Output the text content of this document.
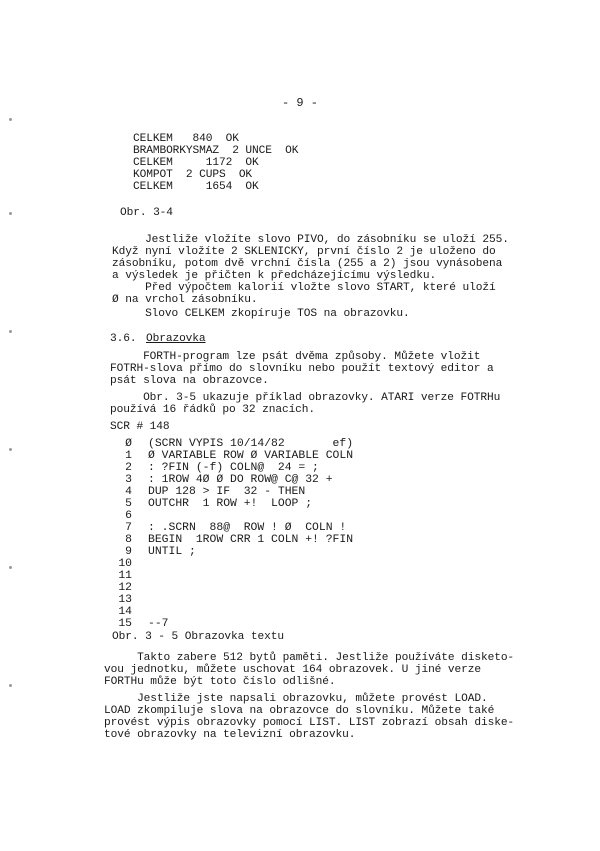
- 9 -
CELKEM   840  OK
BRAMBORKYSMAZ  2 UNCE  OK
CELKEM     1172  OK
KOMPOT  2 CUPS  OK
CELKEM     1654  OK
Obr. 3-4
Jestliže vložíte slovo PIVO, do zásobníku se uloží 255.
Když nyní vložíte 2 SKLENICKY, první číslo 2 je uloženo do
zásobníku, potom dvě vrchní čísla (255 a 2) jsou vynásobena
a výsledek je přičten k předcházejícímu výsledku.
Před výpočtem kalorií vložte slovo START, které uloží
Ø na vrchol zásobníku.
Slovo CELKEM zkopíruje TOS na obrazovku.
3.6. Obrazovka
FORTH-program lze psát dvěma způsoby. Můžete vložit
FOTRH-slova přímo do slovníku nebo použít textový editor a
psát slova na obrazovce.
Obr. 3-5 ukazuje příklad obrazovky. ATARI verze FOTRHu
používá 16 řádků po 32 znacích.
SCR # 148
Ø (SCRN VYPIS 10/14/82       ef)
1 Ø VARIABLE ROW Ø VARIABLE COLN
2 : ?FIN (-f) COLN@  24 = ;
3 : 1ROW 4Ø Ø DO ROW@ C@ 32 +
4 DUP 128 > IF  32 - THEN
5 OUTCHR  1 ROW +!  LOOP ;
6
7 : .SCRN  88@  ROW ! Ø  COLN !
8 BEGIN  1ROW CRR 1 COLN +! ?FIN
9 UNTIL ;
10
11
12
13
14
15 --7
Obr. 3 - 5 Obrazovka textu
Takto zabere 512 bytů paměti. Jestliže používáte disketo-
vou jednotku, můžete uschovat 164 obrazovek. U jiné verze
FORTHu může být toto číslo odlišné.
Jestliže jste napsali obrazovku, můžete provést LOAD.
LOAD zkompiluje slova na obrazovce do slovníku. Můžete také
provést výpis obrazovky pomocí LIST. LIST zobrazí obsah diske-
tové obrazovky na televizní obrazovku.
